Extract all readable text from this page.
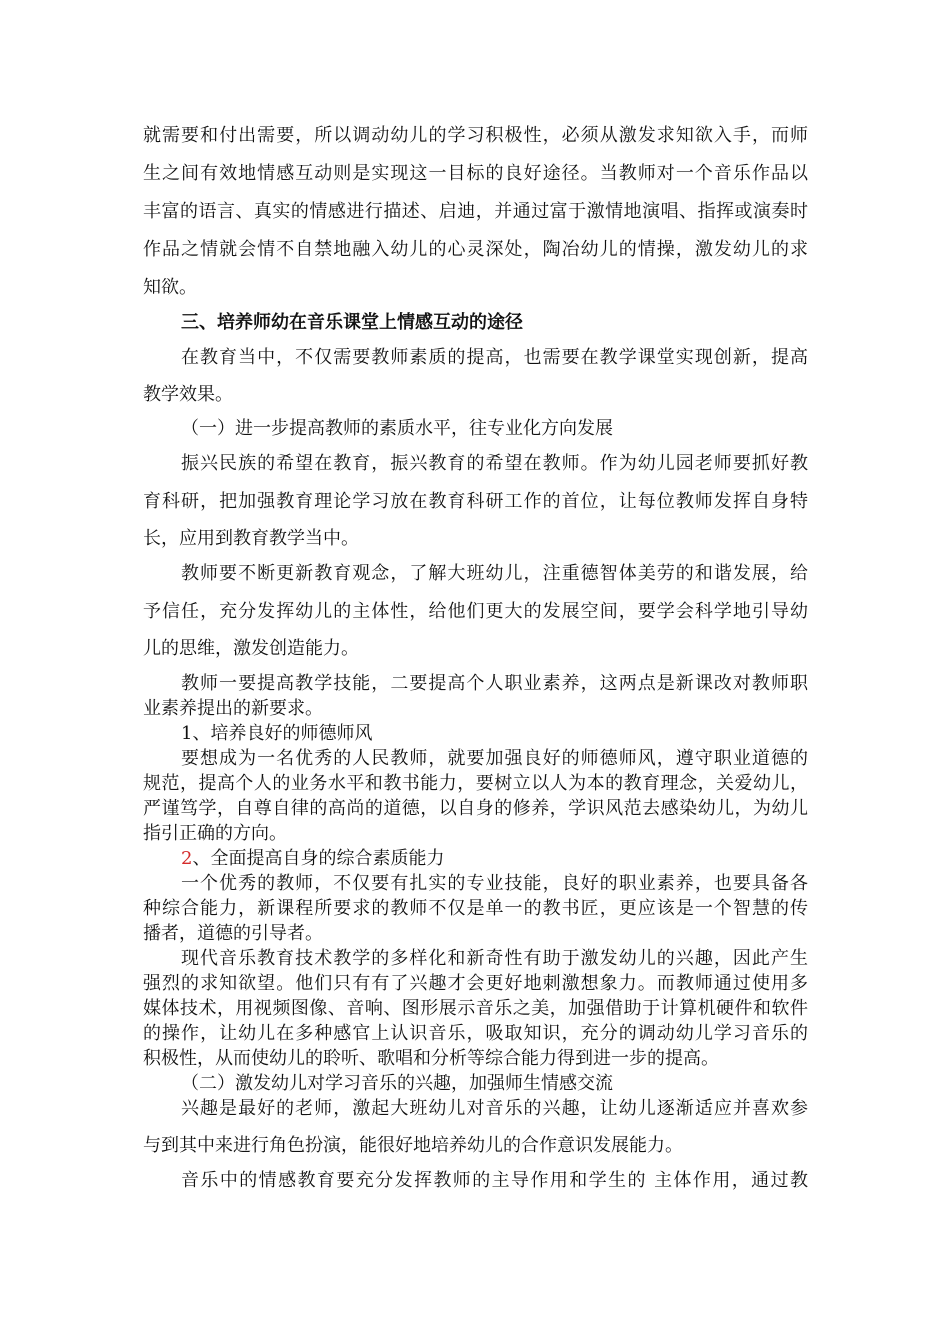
就需要和付出需要，所以调动幼儿的学习积极性，必须从激发求知欲入手，而师

生之间有效地情感互动则是实现这一目标的良好途径。当教师对一个音乐作品以

丰富的语言、真实的情感进行描述、启迪，并通过富于激情地演唱、指挥或演奏时

作品之情就会情不自禁地融入幼儿的心灵深处，陶冶幼儿的情操，激发幼儿的求

知欲。

三、培养师幼在音乐课堂上情感互动的途径

在教育当中，不仅需要教师素质的提高，也需要在教学课堂实现创新，提高

教学效果。

（一）进一步提高教师的素质水平，往专业化方向发展

振兴民族的希望在教育，振兴教育的希望在教师。作为幼儿园老师要抓好教

育科研，把加强教育理论学习放在教育科研工作的首位，让每位教师发挥自身特

长，应用到教育教学当中。

教师要不断更新教育观念，了解大班幼儿，注重德智体美劳的和谐发展，给

予信任，充分发挥幼儿的主体性，给他们更大的发展空间，要学会科学地引导幼

儿的思维，激发创造能力。

教师一要提高教学技能，二要提高个人职业素养，这两点是新课改对教师职

业素养提出的新要求。

1、培养良好的师德师风

要想成为一名优秀的人民教师，就要加强良好的师德师风，遵守职业道德的

规范，提高个人的业务水平和教书能力，要树立以人为本的教育理念，关爱幼儿，

严谨笃学，自尊自律的高尚的道德，以自身的修养，学识风范去感染幼儿，为幼儿

指引正确的方向。

2、全面提高自身的综合素质能力

一个优秀的教师，不仅要有扎实的专业技能，良好的职业素养，也要具备各

种综合能力，新课程所要求的教师不仅是单一的教书匠，更应该是一个智慧的传

播者，道德的引导者。

现代音乐教育技术教学的多样化和新奇性有助于激发幼儿的兴趣，因此产生

强烈的求知欲望。他们只有有了兴趣才会更好地刺激想象力。而教师通过使用多

媒体技术，用视频图像、音响、图形展示音乐之美，加强借助于计算机硬件和软件

的操作，让幼儿在多种感官上认识音乐，吸取知识，充分的调动幼儿学习音乐的

积极性，从而使幼儿的聆听、歌唱和分析等综合能力得到进一步的提高。

（二）激发幼儿对学习音乐的兴趣，加强师生情感交流

兴趣是最好的老师，激起大班幼儿对音乐的兴趣，让幼儿逐渐适应并喜欢参

与到其中来进行角色扮演，能很好地培养幼儿的合作意识发展能力。

音乐中的情感教育要充分发挥教师的主导作用和学生的 主体作用，通过教
